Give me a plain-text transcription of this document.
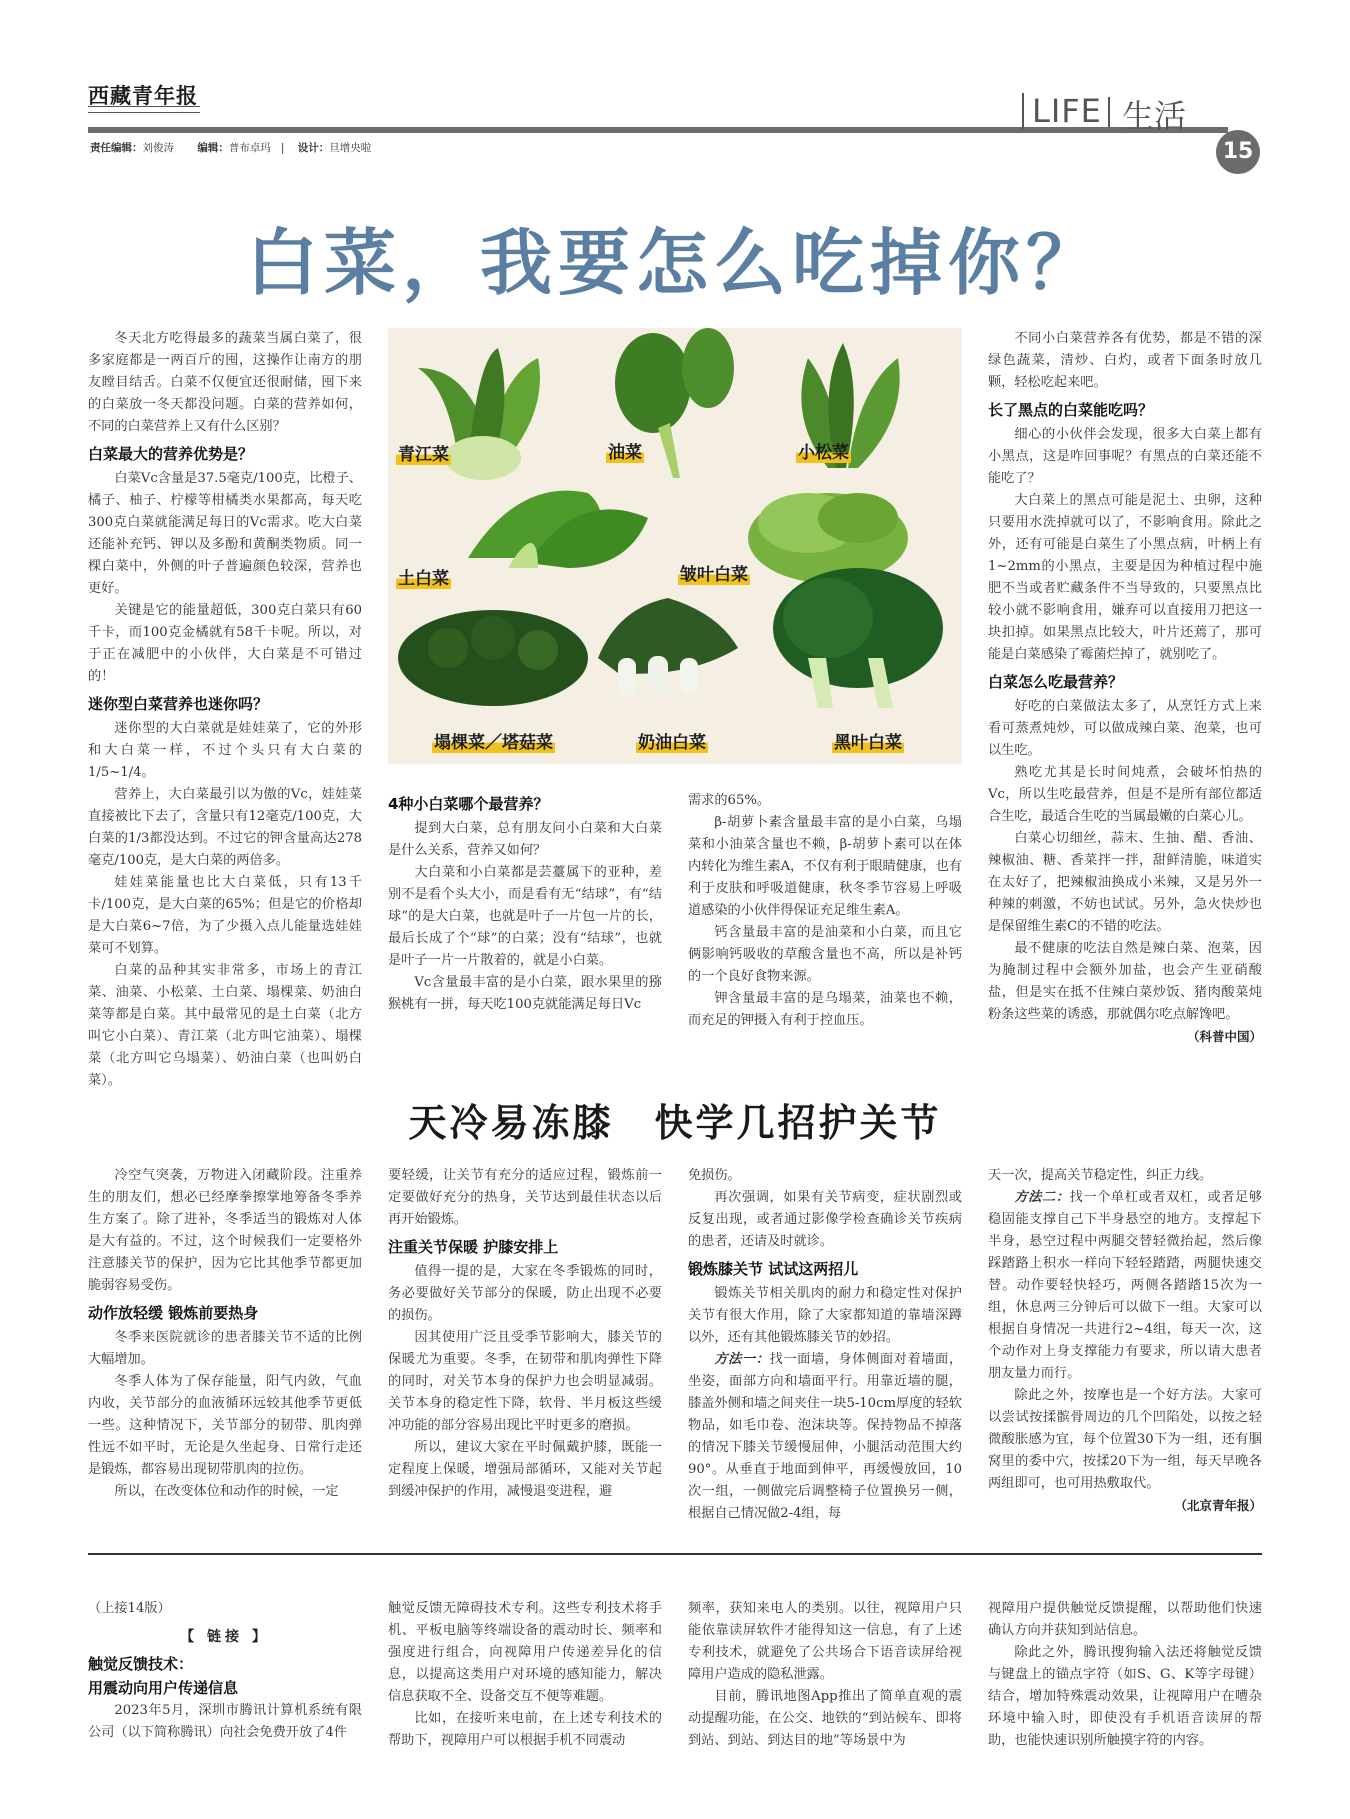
西藏青年报
责任编辑：刘俊涛 编辑：普布卓玛 | 设计：旦增央啦
LIFE 生活
15
白菜，我要怎么吃掉你？

冬天北方吃得最多的蔬菜当属白菜了，很多家庭都是一两百斤的囤，这操作让南方的朋友瞠目结舌。白菜不仅便宜还很耐储，囤下来的白菜放一冬天都没问题。白菜的营养如何，不同的白菜营养上又有什么区别？

白菜最大的营养优势是？

白菜Vc含量是37.5毫克/100克，比橙子、橘子、柚子、柠檬等柑橘类水果都高，每天吃300克白菜就能满足每日的Vc需求。吃大白菜还能补充钙、钾以及多酚和黄酮类物质。同一棵白菜中，外侧的叶子普遍颜色较深，营养也更好。

关键是它的能量超低，300克白菜只有60千卡，而100克金橘就有58千卡呢。所以，对于正在减肥中的小伙伴，大白菜是不可错过的！

迷你型白菜营养也迷你吗？

迷你型的大白菜就是娃娃菜了，它的外形和大白菜一样，不过个头只有大白菜的1/5~1/4。

营养上，大白菜最引以为傲的Vc，娃娃菜直接被比下去了，含量只有12毫克/100克，大白菜的1/3都没达到。不过它的钾含量高达278毫克/100克，是大白菜的两倍多。

娃娃菜能量也比大白菜低，只有13千卡/100克，是大白菜的65%；但是它的价格却是大白菜6~7倍，为了少摄入点儿能量选娃娃菜可不划算。

白菜的品种其实非常多，市场上的青江菜、油菜、小松菜、土白菜、塌棵菜、奶油白菜等都是白菜。其中最常见的是土白菜（北方叫它小白菜）、青江菜（北方叫它油菜）、塌棵菜（北方叫它乌塌菜）、奶油白菜（也叫奶白菜）。

青江菜	油菜	小松菜
土白菜	皱叶白菜
塌棵菜／塔菇菜	奶油白菜	黑叶白菜
4种小白菜哪个最营养？

提到大白菜，总有朋友问小白菜和大白菜是什么关系，营养又如何？

大白菜和小白菜都是芸薹属下的亚种，差别不是看个头大小，而是看有无“结球”，有“结球”的是大白菜，也就是叶子一片包一片的长，最后长成了个“球”的白菜；没有“结球”，也就是叶子一片一片散着的，就是小白菜。

Vc含量最丰富的是小白菜，跟水果里的猕猴桃有一拼，每天吃100克就能满足每日Vc

需求的65%。

β-胡萝卜素含量最丰富的是小白菜，乌塌菜和小油菜含量也不赖，β-胡萝卜素可以在体内转化为维生素A，不仅有利于眼睛健康，也有利于皮肤和呼吸道健康，秋冬季节容易上呼吸道感染的小伙伴得保证充足维生素A。

钙含量最丰富的是油菜和小白菜，而且它俩影响钙吸收的草酸含量也不高，所以是补钙的一个良好食物来源。

钾含量最丰富的是乌塌菜，油菜也不赖，而充足的钾摄入有利于控血压。

不同小白菜营养各有优势，都是不错的深绿色蔬菜，清炒、白灼，或者下面条时放几颗，轻松吃起来吧。

长了黑点的白菜能吃吗？

细心的小伙伴会发现，很多大白菜上都有小黑点，这是咋回事呢？有黑点的白菜还能不能吃了？

大白菜上的黑点可能是泥土、虫卵，这种只要用水洗掉就可以了，不影响食用。除此之外，还有可能是白菜生了小黑点病，叶柄上有1~2mm的小黑点，主要是因为种植过程中施肥不当或者贮藏条件不当导致的，只要黑点比较小就不影响食用，嫌弃可以直接用刀把这一块扣掉。如果黑点比较大，叶片还蔫了，那可能是白菜感染了霉菌烂掉了，就别吃了。

白菜怎么吃最营养？

好吃的白菜做法太多了，从烹饪方式上来看可蒸煮炖炒，可以做成辣白菜、泡菜，也可以生吃。

熟吃尤其是长时间炖煮，会破坏怕热的Vc，所以生吃最营养，但是不是所有部位都适合生吃，最适合生吃的当属最嫩的白菜心儿。

白菜心切细丝，蒜末、生抽、醋、香油、辣椒油、糖、香菜拌一拌，甜鲜清脆，味道实在太好了，把辣椒油换成小米辣，又是另外一种辣的刺激，不妨也试试。另外，急火快炒也是保留维生素C的不错的吃法。

最不健康的吃法自然是辣白菜、泡菜，因为腌制过程中会额外加盐，也会产生亚硝酸盐，但是实在抵不住辣白菜炒饭、猪肉酸菜炖粉条这些菜的诱惑，那就偶尔吃点解馋吧。

（科普中国）
天冷易冻膝　快学几招护关节

冷空气突袭，万物进入闭藏阶段。注重养生的朋友们，想必已经摩拳擦掌地筹备冬季养生方案了。除了进补，冬季适当的锻炼对人体是大有益的。不过，这个时候我们一定要格外注意膝关节的保护，因为它比其他季节都更加脆弱容易受伤。

动作放轻缓 锻炼前要热身

冬季来医院就诊的患者膝关节不适的比例大幅增加。

冬季人体为了保存能量，阳气内敛，气血内收，关节部分的血液循环远较其他季节更低一些。这种情况下，关节部分的韧带、肌肉弹性远不如平时，无论是久坐起身、日常行走还是锻炼，都容易出现韧带肌肉的拉伤。

所以，在改变体位和动作的时候，一定

要轻缓，让关节有充分的适应过程，锻炼前一定要做好充分的热身，关节达到最佳状态以后再开始锻炼。

注重关节保暖 护膝安排上

值得一提的是，大家在冬季锻炼的同时，务必要做好关节部分的保暖，防止出现不必要的损伤。

因其使用广泛且受季节影响大，膝关节的保暖尤为重要。冬季，在韧带和肌肉弹性下降的同时，对关节本身的保护力也会明显减弱。关节本身的稳定性下降，软骨、半月板这些缓冲功能的部分容易出现比平时更多的磨损。

所以，建议大家在平时佩戴护膝，既能一定程度上保暖，增强局部循环，又能对关节起到缓冲保护的作用，减慢退变进程，避

免损伤。

再次强调，如果有关节病变，症状剧烈或反复出现，或者通过影像学检查确诊关节疾病的患者，还请及时就诊。

锻炼膝关节 试试这两招儿

锻炼关节相关肌肉的耐力和稳定性对保护关节有很大作用，除了大家都知道的靠墙深蹲以外，还有其他锻炼膝关节的妙招。

方法一：找一面墙，身体侧面对着墙面，坐姿，面部方向和墙面平行。用靠近墙的腿，膝盖外侧和墙之间夹住一块5-10cm厚度的轻软物品，如毛巾卷、泡沫块等。保持物品不掉落的情况下膝关节缓慢屈伸，小腿活动范围大约90°。从垂直于地面到伸平，再缓慢放回，10次一组，一侧做完后调整椅子位置换另一侧，根据自己情况做2-4组，每

天一次，提高关节稳定性，纠正力线。

方法二：找一个单杠或者双杠，或者足够稳固能支撑自己下半身悬空的地方。支撑起下半身，悬空过程中两腿交替轻微抬起，然后像踩踏路上积水一样向下轻轻踏踏，两腿快速交替。动作要轻快轻巧，两侧各踏踏15次为一组，休息两三分钟后可以做下一组。大家可以根据自身情况一共进行2~4组，每天一次，这个动作对上身支撑能力有要求，所以请大患者朋友量力而行。

除此之外，按摩也是一个好方法。大家可以尝试按揉髌骨周边的几个凹陷处，以按之轻微酸胀感为宜，每个位置30下为一组，还有腘窝里的委中穴，按揉20下为一组，每天早晚各两组即可，也可用热敷取代。

（北京青年报）

（上接14版）

【 链接 】
触觉反馈技术：
用震动向用户传递信息

2023年5月，深圳市腾讯计算机系统有限公司（以下简称腾讯）向社会免费开放了4件

触觉反馈无障碍技术专利。这些专利技术将手机、平板电脑等终端设备的震动时长、频率和强度进行组合，向视障用户传递差异化的信息，以提高这类用户对环境的感知能力，解决信息获取不全、设备交互不便等难题。

比如，在接听来电前，在上述专利技术的帮助下，视障用户可以根据手机不同震动

频率，获知来电人的类别。以往，视障用户只能依靠读屏软件才能得知这一信息，有了上述专利技术，就避免了公共场合下语音读屏给视障用户造成的隐私泄露。

目前，腾讯地图App推出了简单直观的震动提醒功能，在公交、地铁的“到站候车、即将到站、到站、到达目的地”等场景中为

视障用户提供触觉反馈提醒，以帮助他们快速确认方向并获知到站信息。

除此之外，腾讯搜狗输入法还将触觉反馈与键盘上的锚点字符（如S、G、K等字母键）结合，增加特殊震动效果，让视障用户在嘈杂环境中输入时，即使没有手机语音读屏的帮助，也能快速识别所触摸字符的内容。
